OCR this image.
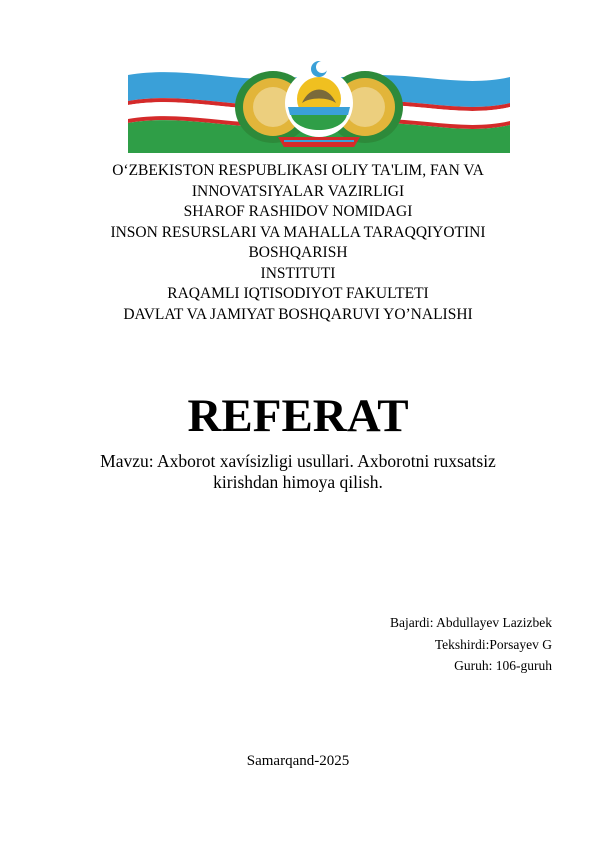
O‘ZBEKISTON RESPUBLIKASI OLIY TA'LIM, FAN VA
INNOVATSIYALAR VAZIRLIGI
SHAROF RASHIDOV NOMIDAGI
INSON RESURSLARI VA MAHALLA TARAQQIYOTINI BOSHQARISH
INSTITUTI
RAQAMLI IQTISODIYOT FAKULTETI
DAVLAT VA JAMIYAT BOSHQARUVI YO’NALISHI
REFERAT
Mavzu: Axborot xavísizligi usullari. Axborotni ruxsatsiz kirishdan himoya qilish.
Bajardi: Abdullayev Lazizbek
Tekshirdi:Porsayev G
Guruh: 106-guruh
Samarqand-2025
